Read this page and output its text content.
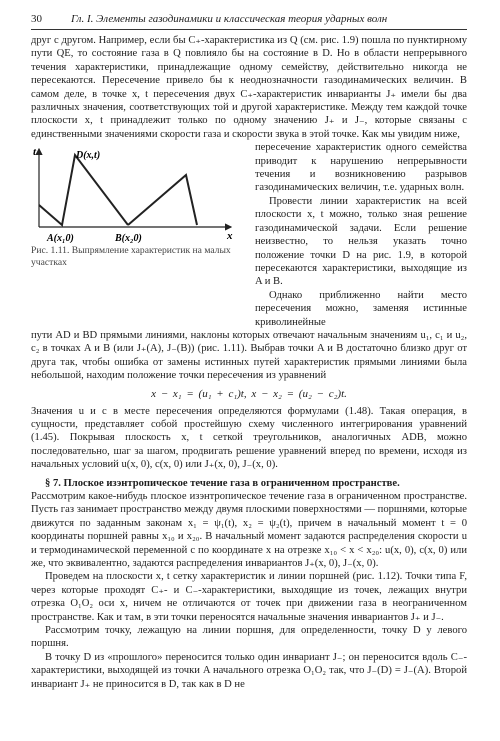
30	Гл. I. Элементы газодинамики и классическая теория ударных волн

друг с другом. Например, если бы C₊-характеристика из Q (см. рис. 1.9) пошла по пунктирному пути QE, то состояние газа в Q повлияло бы на состояние в D. Но в области непрерывного течения характеристики, принадлежащие одному семейству, действительно никогда не пересекаются. Пересечение привело бы к неоднозначности газодинамических величин. В самом деле, в точке x, t пересечения двух C₊-характеристик инварианты J₊ имели бы два различных значения, соответствующих той и другой характеристике. Между тем каждой точке плоскости x, t принадлежит только по одному значению J₊ и J₋, которые связаны с единственными значениями скорости газа и скорости звука в этой точке. Как мы увидим ниже,

t
x
D(x,t)
A(x₁0)	B(x₂0)
Рис. 1.11. Выпрямление характеристик на малых участках

пересечение характеристик одного семейства приводит к нарушению непрерывности течения и возникновению разрывов газодинамических величин, т.е. ударных волн.

Провести линии характеристик на всей плоскости x, t можно, только зная решение газодинамической задачи. Если решение неизвестно, то нельзя указать точно положение точки D на рис. 1.9, в которой пересекаются характеристики, выходящие из A и B.

Однако приближенно найти место пересечения можно, заменяя истинные криволинейные

пути AD и BD прямыми линиями, наклоны которых отвечают начальным значениям u₁, c₁ и u₂, c₂ в точках A и B (или J₊(A), J₋(B)) (рис. 1.11). Выбрав точки A и B достаточно близко друг от друга так, чтобы ошибка от замены истинных путей характеристик прямыми линиями была небольшой, находим положение точки пересечения из уравнений

x − x₁ = (u₁ + c₁)t, x − x₂ = (u₂ − c₂)t.

Значения u и c в месте пересечения определяются формулами (1.48). Такая операция, в сущности, представляет собой простейшую схему численного интегрирования уравнений (1.45). Покрывая плоскость x, t сеткой треугольников, аналогичных ADB, можно последовательно, шаг за шагом, продвигать решение уравнений вперед по времени, исходя из начальных условий u(x, 0), c(x, 0) или J₊(x, 0), J₋(x, 0).

§ 7. Плоское изэнтропическое течение газа в ограниченном пространстве.

Рассмотрим какое-нибудь плоское изэнтропическое течение газа в ограниченном пространстве. Пусть газ занимает пространство между двумя плоскими поверхностями — поршнями, которые движутся по заданным законам x₁ = ψ₁(t), x₂ = ψ₂(t), причем в начальный момент t = 0 координаты поршней равны x₁₀ и x₂₀. В начальный момент задаются распределения скорости u и термодинамической переменной c по координате x на отрезке x₁₀ < x < x₂₀: u(x, 0), c(x, 0) или же, что эквивалентно, задаются распределения инвариантов J₊(x, 0), J₋(x, 0).

Проведем на плоскости x, t сетку характеристик и линии поршней (рис. 1.12). Точки типа F, через которые проходят C₊- и C₋-характеристики, выходящие из точек, лежащих внутри отрезка O₁O₂ оси x, ничем не отличаются от точек при движении газа в неограниченном пространстве. Как и там, в эти точки переносятся начальные значения инвариантов J₊ и J₋.

Рассмотрим точку, лежащую на линии поршня, для определенности, точку D у левого поршня.

В точку D из «прошлого» переносится только один инвариант J₋; он переносится вдоль C₋-характеристики, выходящей из точки A начального отрезка O₁O₂ так, что J₋(D) = J₋(A). Второй инвариант J₊ не приносится в D, так как в D не
